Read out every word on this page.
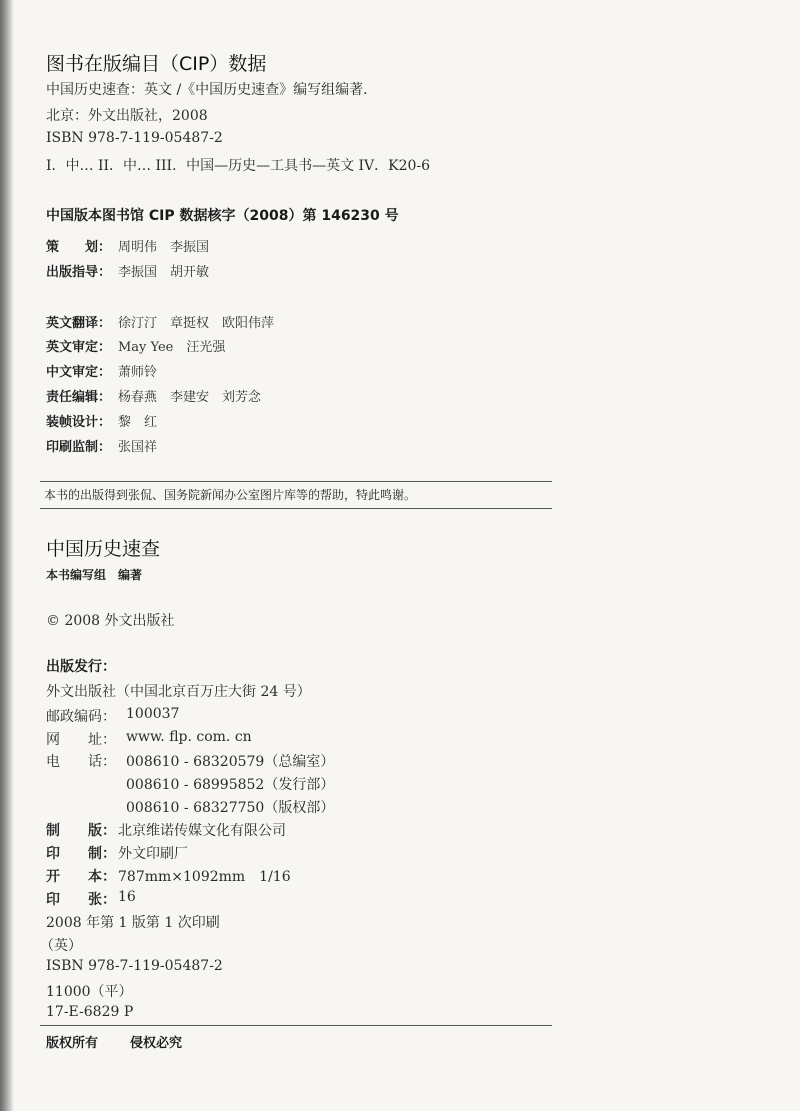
图书在版编目（CIP）数据
中国历史速查：英文 /《中国历史速查》编写组编著．
北京：外文出版社，2008
ISBN 978-7-119-05487-2
I．中… II．中… III．中国—历史—工具书—英文 IV．K20-6
中国版本图书馆 CIP 数据核字（2008）第 146230 号
策　　划： 周明伟　李振国
出版指导： 李振国　胡开敏
英文翻译： 徐汀汀　章挺权　欧阳伟萍
英文审定： May Yee　汪光强
中文审定： 萧师铃
责任编辑： 杨春燕　李建安　刘芳念
装帧设计： 黎　红
印刷监制： 张国祥
本书的出版得到张侃、国务院新闻办公室图片库等的帮助，特此鸣谢。
中国历史速查
本书编写组　编著
© 2008 外文出版社
出版发行：
外文出版社（中国北京百万庄大街 24 号）
邮政编码： 100037
网　　址： www. flp. com. cn
电　　话： 008610 - 68320579（总编室）
008610 - 68995852（发行部）
008610 - 68327750（版权部）
制　　版： 北京维诺传媒文化有限公司
印　　制： 外文印刷厂
开　　本： 787mm×1092mm　1/16
印　　张： 16
2008 年第 1 版第 1 次印刷
（英）
ISBN 978-7-119-05487-2
11000（平）
17-E-6829 P
版权所有 侵权必究
